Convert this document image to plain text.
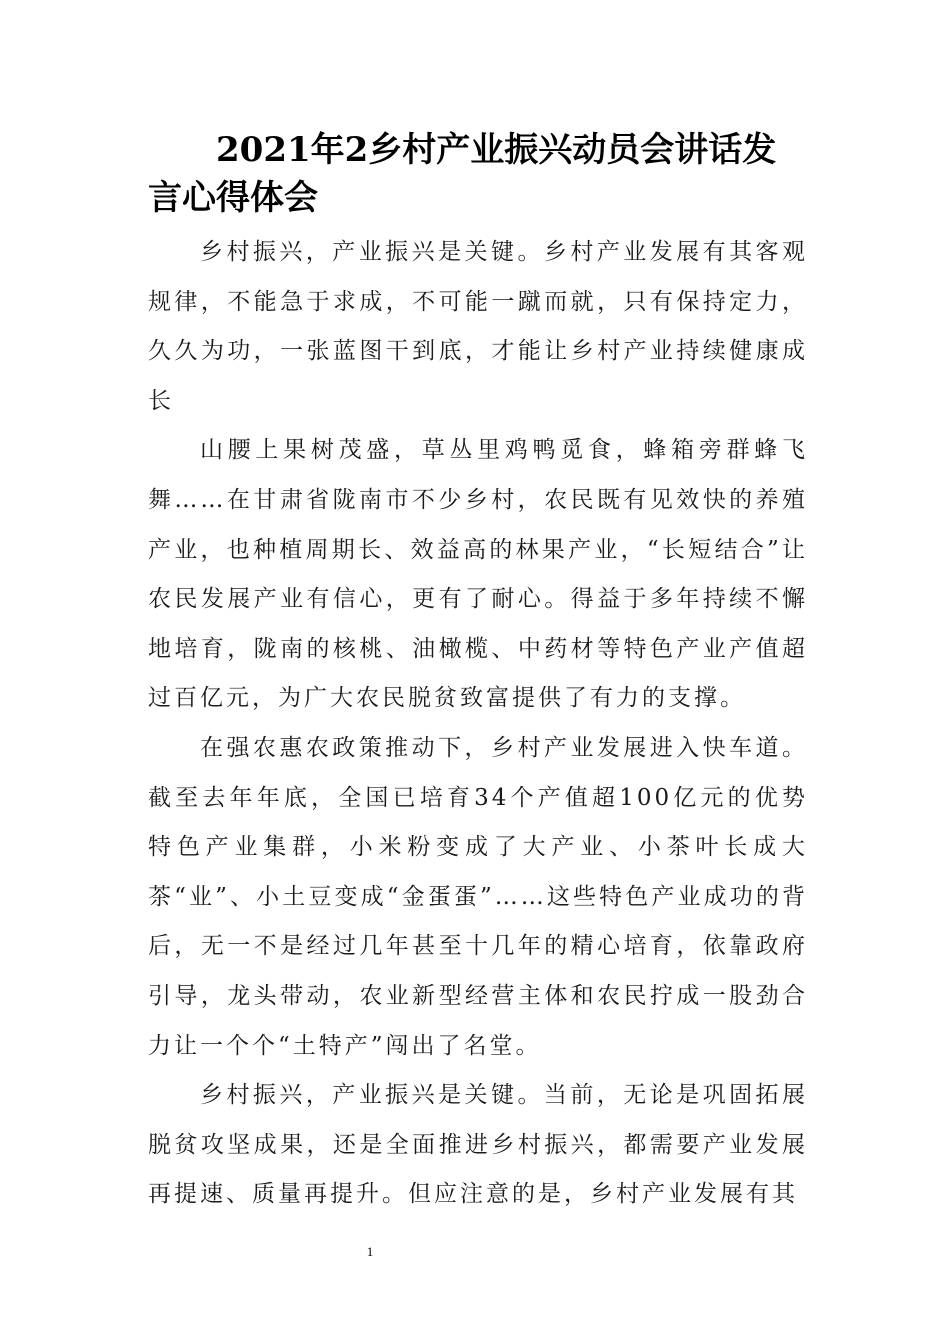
2021年2乡村产业振兴动员会讲话发言心得体会

乡村振兴，产业振兴是关键。乡村产业发展有其客观规律，不能急于求成，不可能一蹴而就，只有保持定力，久久为功，一张蓝图干到底，才能让乡村产业持续健康成长

山腰上果树茂盛，草丛里鸡鸭觅食，蜂箱旁群蜂飞舞……在甘肃省陇南市不少乡村，农民既有见效快的养殖产业，也种植周期长、效益高的林果产业，“长短结合”让农民发展产业有信心，更有了耐心。得益于多年持续不懈地培育，陇南的核桃、油橄榄、中药材等特色产业产值超过百亿元，为广大农民脱贫致富提供了有力的支撑。

在强农惠农政策推动下，乡村产业发展进入快车道。截至去年年底，全国已培育34个产值超100亿元的优势特色产业集群，小米粉变成了大产业、小茶叶长成大茶“业”、小土豆变成“金蛋蛋”……这些特色产业成功的背后，无一不是经过几年甚至十几年的精心培育，依靠政府引导，龙头带动，农业新型经营主体和农民拧成一股劲合力让一个个“土特产”闯出了名堂。

乡村振兴，产业振兴是关键。当前，无论是巩固拓展脱贫攻坚成果，还是全面推进乡村振兴，都需要产业发展再提速、质量再提升。但应注意的是，乡村产业发展有其

1
